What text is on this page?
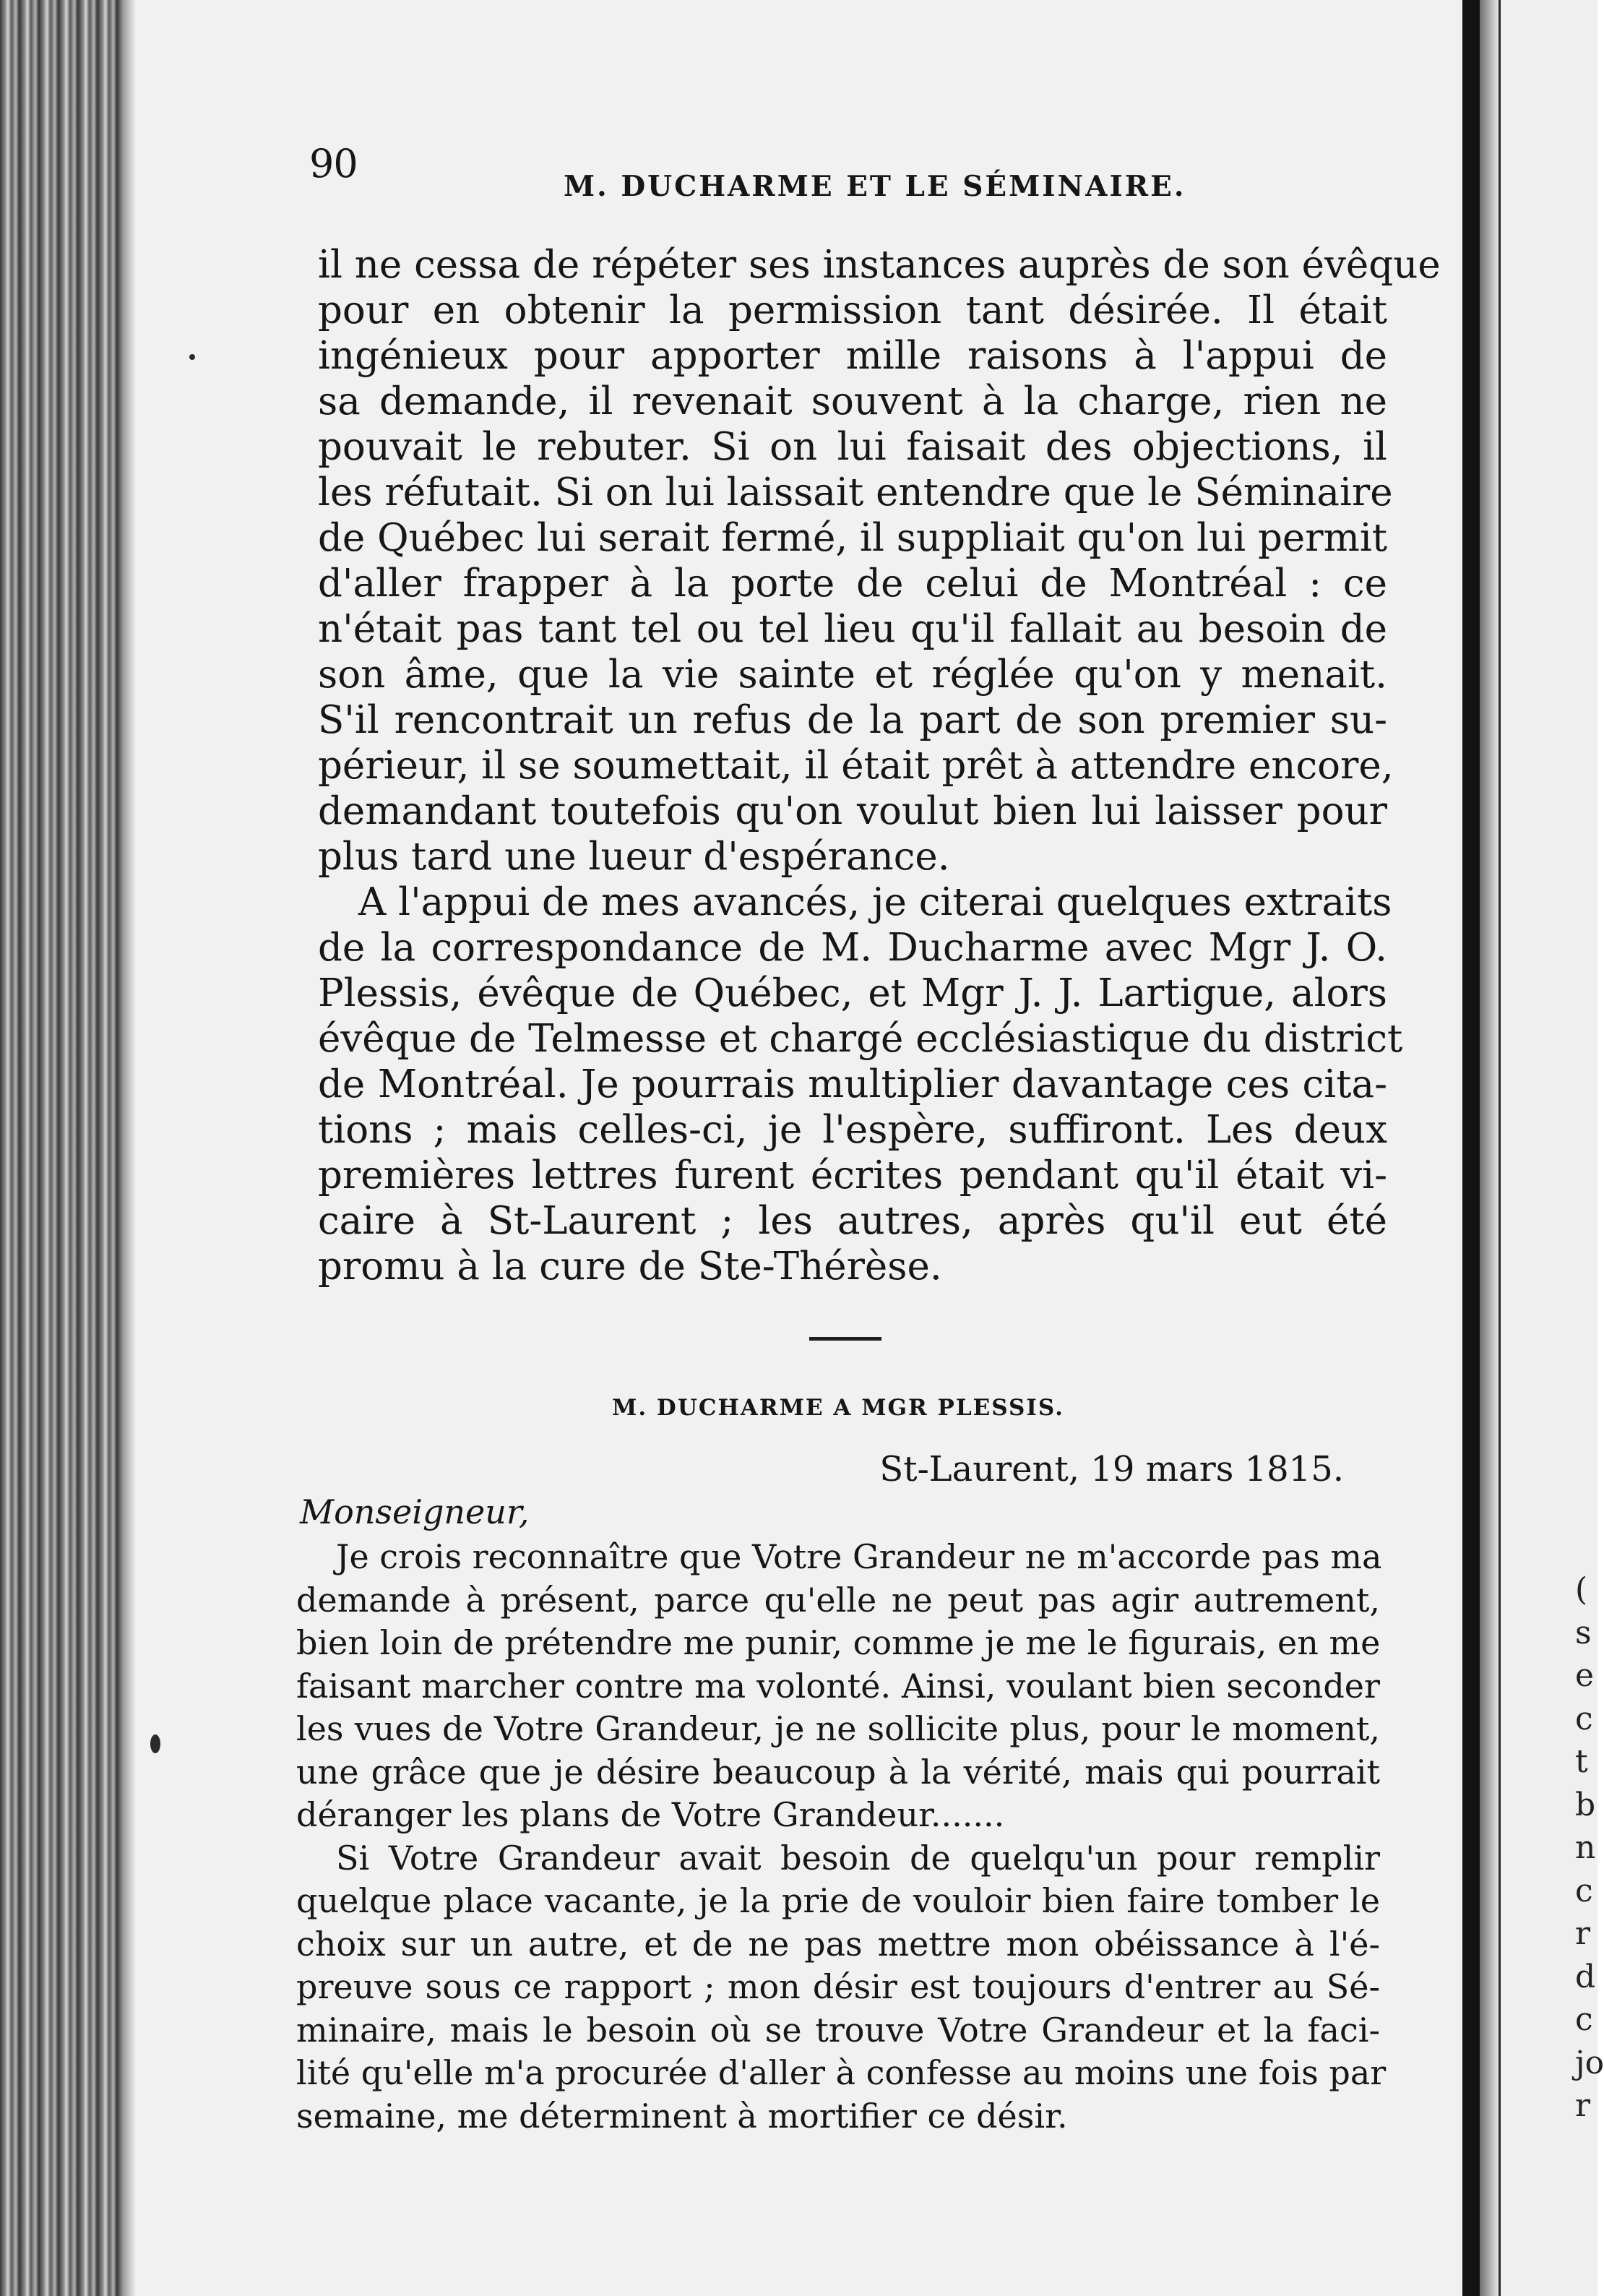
90	M. DUCHARME ET LE SÉMINAIRE.
il ne cessa de répéter ses instances auprès de son évêque
pour en obtenir la permission tant désirée. Il était
ingénieux pour apporter mille raisons à l'appui de
sa demande, il revenait souvent à la charge, rien ne
pouvait le rebuter. Si on lui faisait des objections, il
les réfutait. Si on lui laissait entendre que le Séminaire
de Québec lui serait fermé, il suppliait qu'on lui permit
d'aller frapper à la porte de celui de Montréal : ce
n'était pas tant tel ou tel lieu qu'il fallait au besoin de
son âme, que la vie sainte et réglée qu'on y menait.
S'il rencontrait un refus de la part de son premier su-
périeur, il se soumettait, il était prêt à attendre encore,
demandant toutefois qu'on voulut bien lui laisser pour
plus tard une lueur d'espérance.
A l'appui de mes avancés, je citerai quelques extraits
de la correspondance de M. Ducharme avec Mgr J. O.
Plessis, évêque de Québec, et Mgr J. J. Lartigue, alors
évêque de Telmesse et chargé ecclésiastique du district
de Montréal. Je pourrais multiplier davantage ces cita-
tions ; mais celles-ci, je l'espère, suffiront. Les deux
premières lettres furent écrites pendant qu'il était vi-
caire à St-Laurent ; les autres, après qu'il eut été
promu à la cure de Ste-Thérèse.
M. DUCHARME A MGR PLESSIS.
St-Laurent, 19 mars 1815.
Monseigneur,
Je crois reconnaître que Votre Grandeur ne m'accorde pas ma
demande à présent, parce qu'elle ne peut pas agir autrement,
bien loin de prétendre me punir, comme je me le figurais, en me
faisant marcher contre ma volonté. Ainsi, voulant bien seconder
les vues de Votre Grandeur, je ne sollicite plus, pour le moment,
une grâce que je désire beaucoup à la vérité, mais qui pourrait
déranger les plans de Votre Grandeur.......
Si Votre Grandeur avait besoin de quelqu'un pour remplir
quelque place vacante, je la prie de vouloir bien faire tomber le
choix sur un autre, et de ne pas mettre mon obéissance à l'é-
preuve sous ce rapport ; mon désir est toujours d'entrer au Sé-
minaire, mais le besoin où se trouve Votre Grandeur et la faci-
lité qu'elle m'a procurée d'aller à confesse au moins une fois par
semaine, me déterminent à mortifier ce désir.
(
s
e
c
t
b
n
c
r
d
c
jo
r
